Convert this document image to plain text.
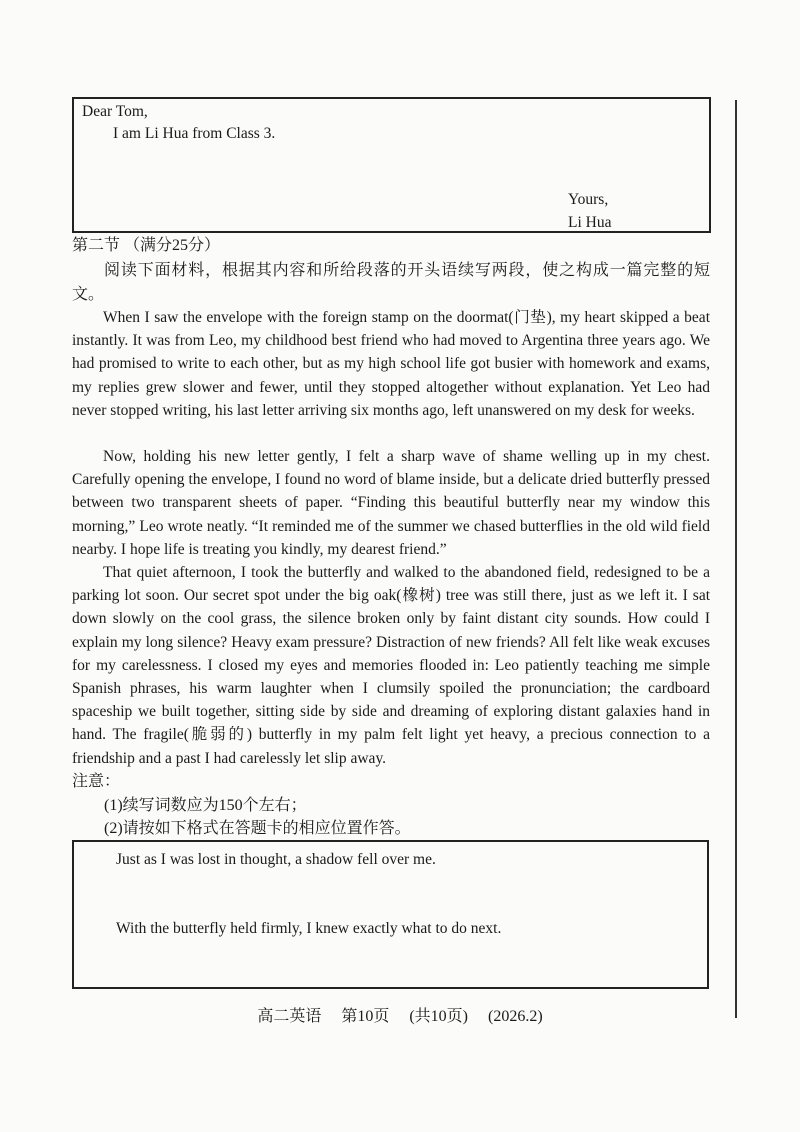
Dear Tom,
I am Li Hua from Class 3.
Yours,
Li Hua
第二节 （满分25分）

阅读下面材料，根据其内容和所给段落的开头语续写两段，使之构成一篇完整的短文。

When I saw the envelope with the foreign stamp on the doormat(门垫), my heart skipped a beat instantly. It was from Leo, my childhood best friend who had moved to Argentina three years ago. We had promised to write to each other, but as my high school life got busier with homework and exams, my replies grew slower and fewer, until they stopped altogether without explanation. Yet Leo had never stopped writing, his last letter arriving six months ago, left unanswered on my desk for weeks.

Now, holding his new letter gently, I felt a sharp wave of shame welling up in my chest. Carefully opening the envelope, I found no word of blame inside, but a delicate dried butterfly pressed between two transparent sheets of paper. “Finding this beautiful butterfly near my window this morning,” Leo wrote neatly. “It reminded me of the summer we chased butterflies in the old wild field nearby. I hope life is treating you kindly, my dearest friend.”

That quiet afternoon, I took the butterfly and walked to the abandoned field, redesigned to be a parking lot soon. Our secret spot under the big oak(橡树) tree was still there, just as we left it. I sat down slowly on the cool grass, the silence broken only by faint distant city sounds. How could I explain my long silence? Heavy exam pressure? Distraction of new friends? All felt like weak excuses for my carelessness. I closed my eyes and memories flooded in: Leo patiently teaching me simple Spanish phrases, his warm laughter when I clumsily spoiled the pronunciation; the cardboard spaceship we built together, sitting side by side and dreaming of exploring distant galaxies hand in hand. The fragile(脆弱的) butterfly in my palm felt light yet heavy, a precious connection to a friendship and a past I had carelessly let slip away.

注意：
(1)续写词数应为150个左右；
(2)请按如下格式在答题卡的相应位置作答。
Just as I was lost in thought, a shadow fell over me.
With the butterfly held firmly, I knew exactly what to do next.
高二英语 第10页 (共10页) (2026.2)
